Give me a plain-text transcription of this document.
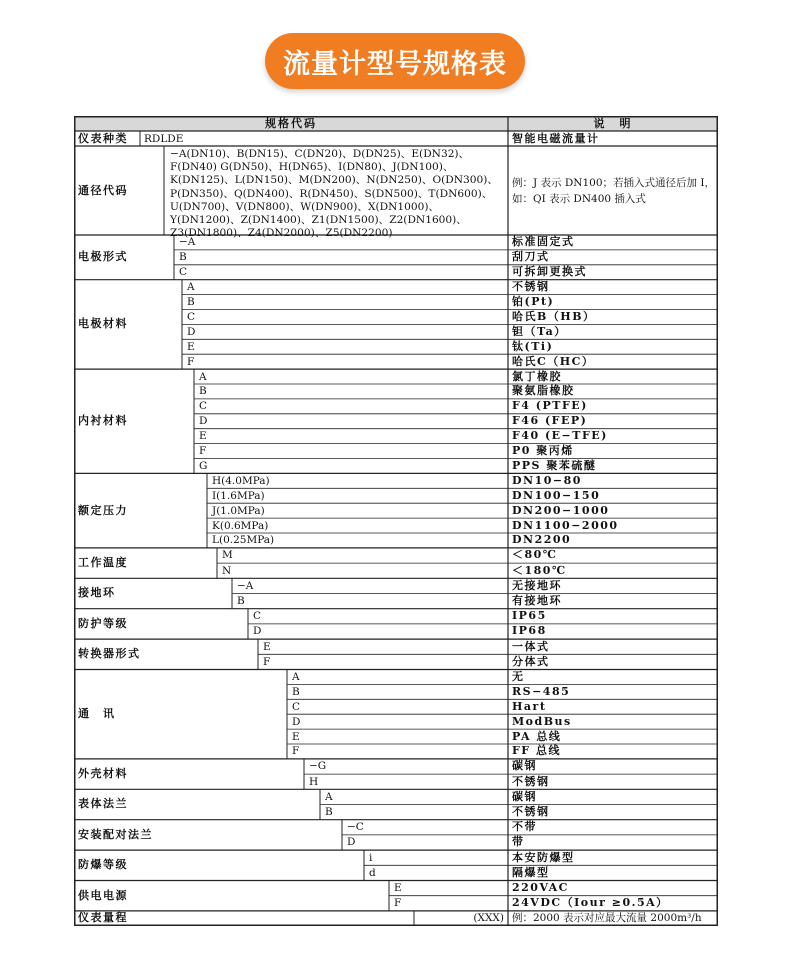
流量计型号规格表
规格代码	说　明
仪表种类	RDLDE	智能电磁流量计
通径代码
−A(DN10)、B(DN15)、C(DN20)、D(DN25)、E(DN32)、F(DN40) G(DN50)、H(DN65)、I(DN80)、J(DN100)、K(DN125)、L(DN150)、M(DN200)、N(DN250)、O(DN300)、P(DN350)、Q(DN400)、R(DN450)、S(DN500)、T(DN600)、U(DN700)、V(DN800)、W(DN900)、X(DN1000)、Y(DN1200)、Z(DN1400)、Z1(DN1500)、Z2(DN1600)、Z3(DN1800)、Z4(DN2000)、Z5(DN2200)
例：J 表示 DN100；若插入式通径后加 I，如：QI 表示 DN400 插入式
电极形式
−A	标准固定式
B	刮刀式
C	可拆卸更换式
电极材料
A	不锈钢
B	铂(Pt)
C	哈氏B（HB）
D	钽（Ta）
E	钛(Ti)
F	哈氏C（HC）
内衬材料
A	氯丁橡胶
B	聚氨脂橡胶
C	F4 (PTFE)
D	F46 (FEP)
E	F40 (E−TFE)
F	P0 聚丙烯
G	PPS 聚苯硫醚
额定压力
H(4.0MPa)	DN10−80
I(1.6MPa)	DN100−150
J(1.0MPa)	DN200−1000
K(0.6MPa)	DN1100−2000
L(0.25MPa)	DN2200
工作温度
M	＜80℃
N	＜180℃
接地环
−A	无接地环
B	有接地环
防护等级
C	IP65
D	IP68
转换器形式
E	一体式
F	分体式
通　讯
A	无
B	RS−485
C	Hart
D	ModBus
E	PA 总线
F	FF 总线
外壳材料
−G	碳钢
H	不锈钢
表体法兰
A	碳钢
B	不锈钢
安装配对法兰
−C	不带
D	带
防爆等级
i	本安防爆型
d	隔爆型
供电电源
E	220VAC
F	24VDC（Iour ≥0.5A）
仪表量程	(XXX) 例：2000 表示对应最大流量 2000m³/h
